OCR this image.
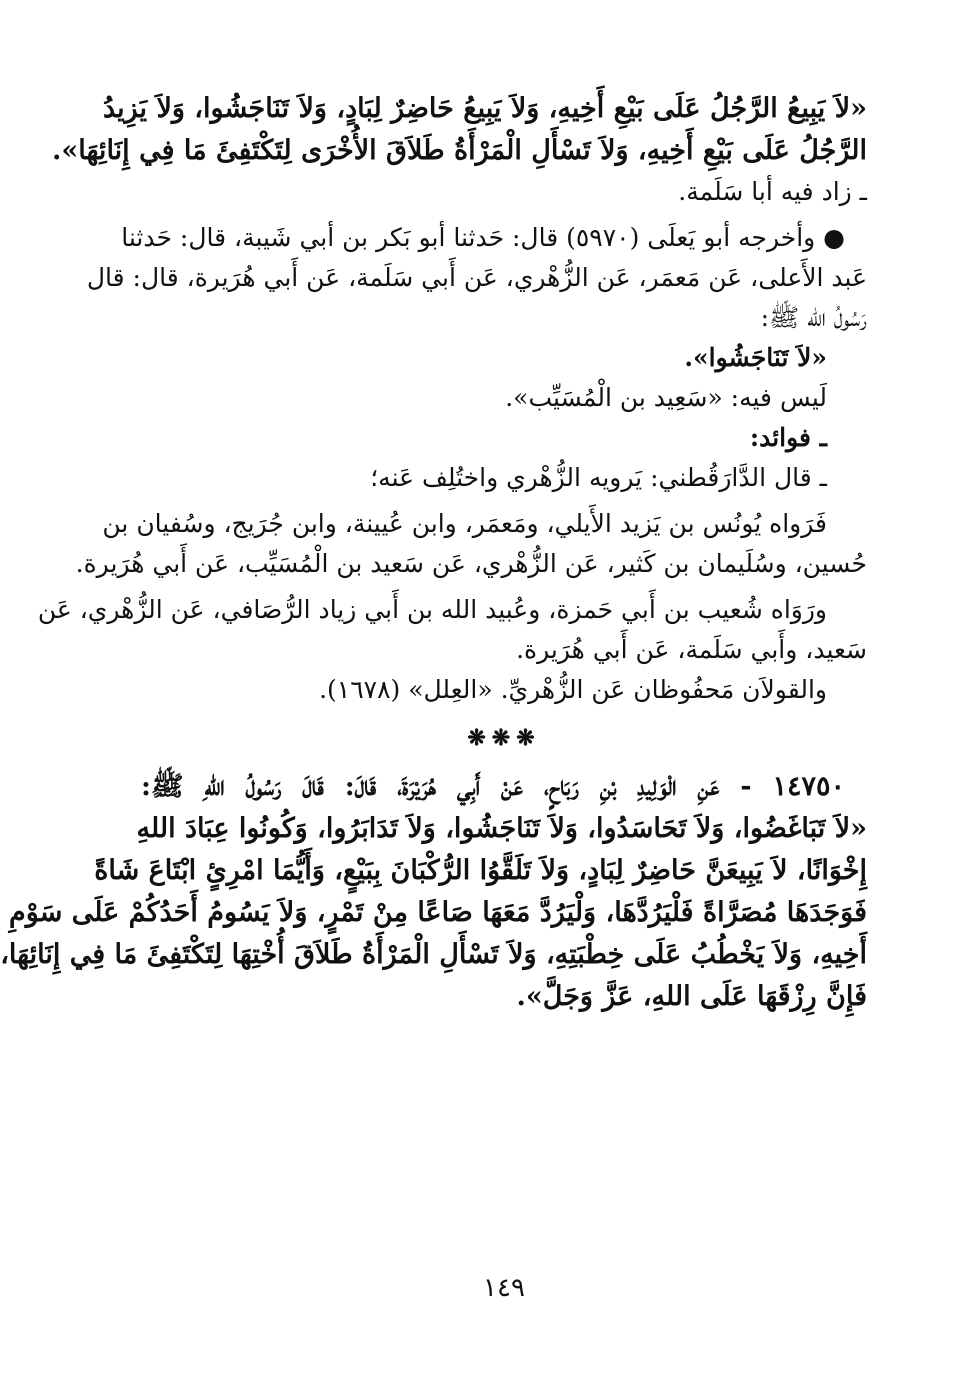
«لاَ يَبِيعُ الرَّجُلُ عَلَى بَيْعِ أَخِيهِ، وَلاَ يَبِيعُ حَاضِرٌ لِبَادٍ، وَلاَ تَنَاجَشُوا، وَلاَ يَزِيدُ
الرَّجُلُ عَلَى بَيْعِ أَخِيهِ، وَلاَ تَسْأَلِ الْمَرْأَةُ طَلاَقَ الأُخْرَى لِتَكْتَفِئَ مَا فِي إِنَائِهَا».
ـ زاد فيه أبا سَلَمة.
● وأخرجه أبو يَعلَى (٥٩٧٠) قال: حَدثنا أبو بَكر بن أبي شَيبة، قال: حَدثنا
عَبد الأَعلى، عَن مَعمَر، عَن الزُّهْري، عَن أَبي سَلَمة، عَن أَبي هُرَيرة، قال: قال
رَسُولُ الله ﷺ:
«لاَ تَنَاجَشُوا».
لَيس فيه: «سَعِيد بن الْمُسَيِّب».
ـ فوائد:
ـ قال الدَّارَقُطني: يَرويه الزُّهْري واختُلِف عَنه؛
فَرَواه يُونُس بن يَزيد الأَيلي، ومَعمَر، وابن عُيينة، وابن جُرَيج، وسُفيان بن
حُسين، وسُلَيمان بن كَثير، عَن الزُّهْري، عَن سَعيد بن الْمُسَيِّب، عَن أَبي هُرَيرة.
ورَوَاه شُعيب بن أَبي حَمزة، وعُبيد الله بن أَبي زياد الرُّصَافي، عَن الزُّهْري، عَن
سَعيد، وأَبي سَلَمة، عَن أَبي هُرَيرة.
والقولاَن مَحفُوظان عَن الزُّهْريِّ. «العِلل» (١٦٧٨).
❋❋❋
١٤٧٥٠ - عَنِ الْوَلِيدِ بْنِ رَبَاحٍ، عَنْ أَبِي هُرَيْرَةَ، قَالَ: قَالَ رَسُولُ اللهِ ﷺ:
«لاَ تَبَاغَضُوا، وَلاَ تَحَاسَدُوا، وَلاَ تَنَاجَشُوا، وَلاَ تَدَابَرُوا، وَكُونُوا عِبَادَ اللهِ
إِخْوَانًا، لاَ يَبِيعَنَّ حَاضِرٌ لِبَادٍ، وَلاَ تَلَقَّوُا الرُّكْبَانَ بِبَيْعٍ، وَأَيُّمَا امْرِئٍ ابْتَاعَ شَاةً
فَوَجَدَهَا مُصَرَّاةً فَلْيَرُدَّهَا، وَلْيَرُدَّ مَعَهَا صَاعًا مِنْ تَمْرٍ، وَلاَ يَسُومُ أَحَدُكُمْ عَلَى سَوْمِ
أَخِيهِ، وَلاَ يَخْطُبُ عَلَى خِطْبَتِهِ، وَلاَ تَسْأَلِ الْمَرْأَةُ طَلاَقَ أُخْتِهَا لِتَكْتَفِئَ مَا فِي إِنَائِهَا،
فَإِنَّ رِزْقَهَا عَلَى اللهِ، عَزَّ وَجَلَّ».
١٤٩
